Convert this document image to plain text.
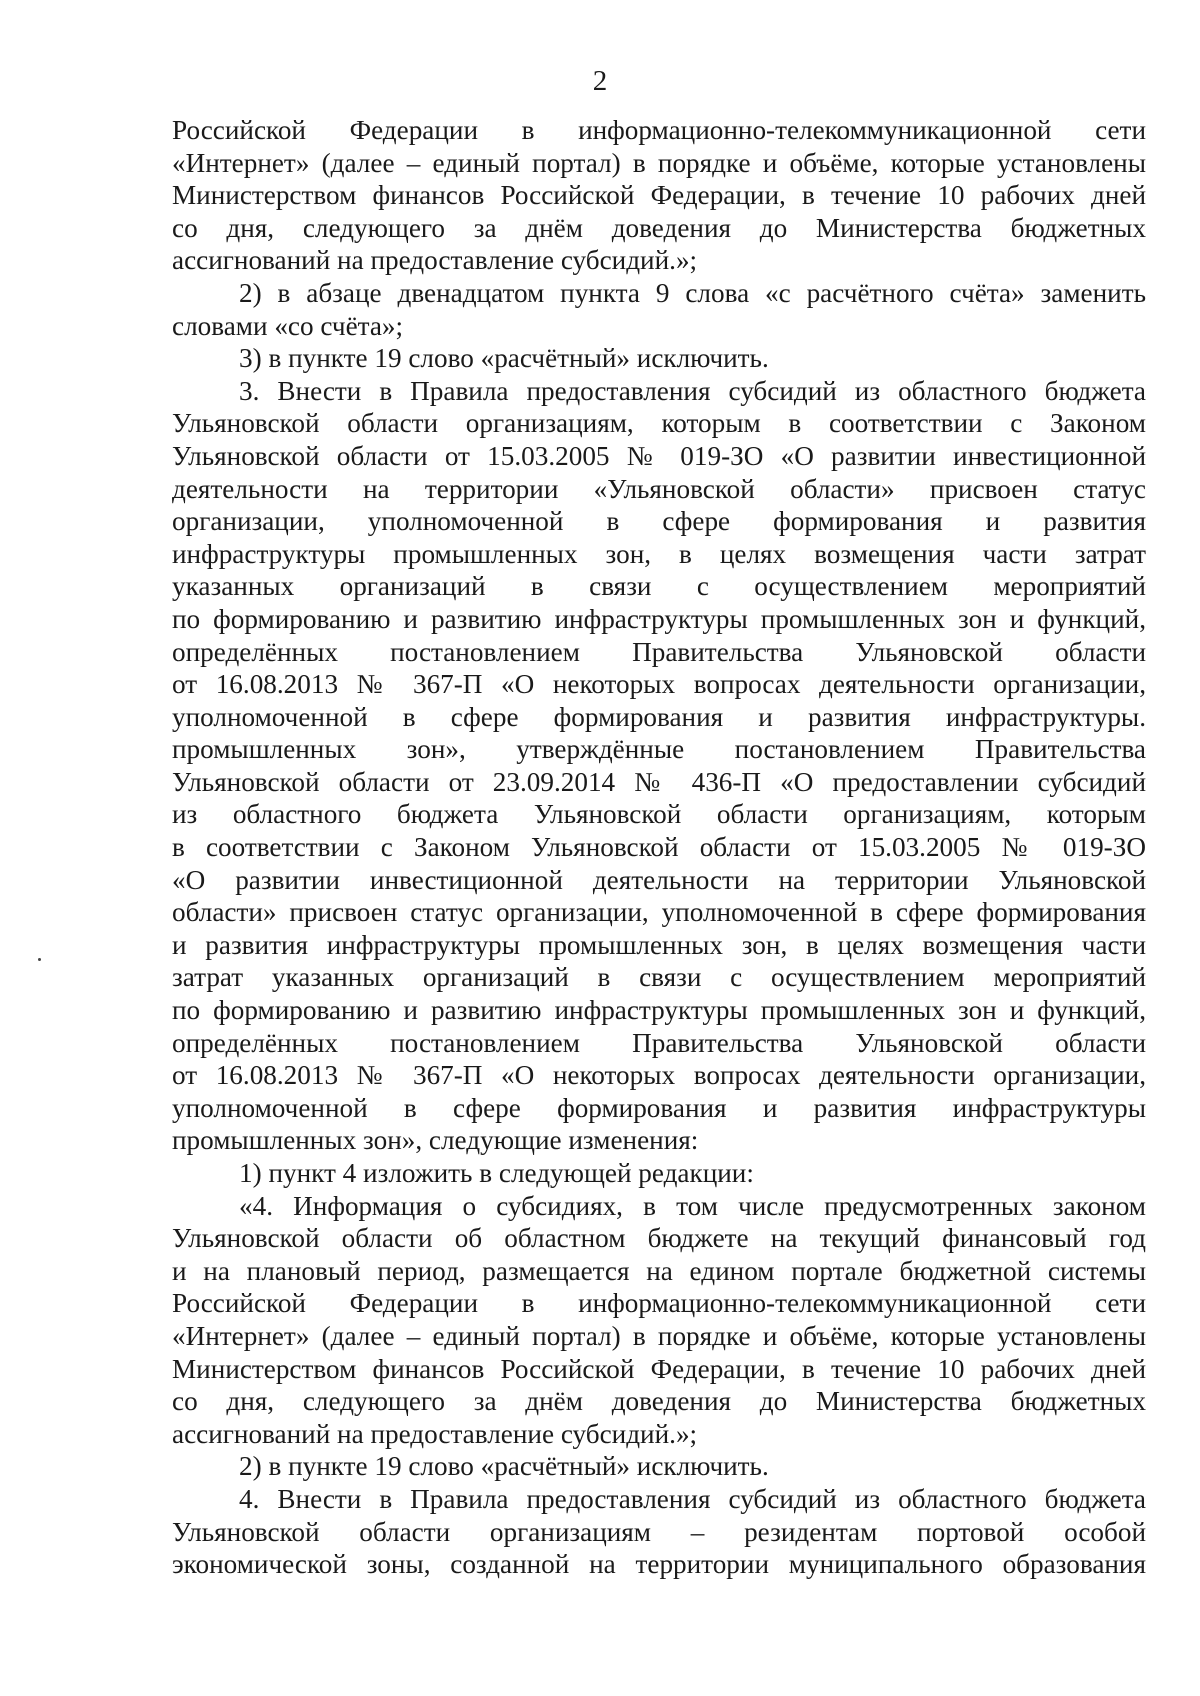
2
Российской Федерации в информационно-телекоммуникационной сети
«Интернет» (далее – единый портал) в порядке и объёме, которые установлены
Министерством финансов Российской Федерации, в течение 10 рабочих дней
со дня, следующего за днём доведения до Министерства бюджетных
ассигнований на предоставление субсидий.»;
2) в абзаце двенадцатом пункта 9 слова «с расчётного счёта» заменить
словами «со счёта»;
3) в пункте 19 слово «расчётный» исключить.
3. Внести в Правила предоставления субсидий из областного бюджета
Ульяновской области организациям, которым в соответствии с Законом
Ульяновской области от 15.03.2005 № 019-ЗО «О развитии инвестиционной
деятельности на территории «Ульяновской области» присвоен статус
организации, уполномоченной в сфере формирования и развития
инфраструктуры промышленных зон, в целях возмещения части затрат
указанных организаций в связи с осуществлением мероприятий
по формированию и развитию инфраструктуры промышленных зон и функций,
определённых постановлением Правительства Ульяновской области
от 16.08.2013 № 367-П «О некоторых вопросах деятельности организации,
уполномоченной в сфере формирования и развития инфраструктуры.
промышленных зон», утверждённые постановлением Правительства
Ульяновской области от 23.09.2014 № 436-П «О предоставлении субсидий
из областного бюджета Ульяновской области организациям, которым
в соответствии с Законом Ульяновской области от 15.03.2005 № 019-ЗО
«О развитии инвестиционной деятельности на территории Ульяновской
области» присвоен статус организации, уполномоченной в сфере формирования
и развития инфраструктуры промышленных зон, в целях возмещения части
затрат указанных организаций в связи с осуществлением мероприятий
по формированию и развитию инфраструктуры промышленных зон и функций,
определённых постановлением Правительства Ульяновской области
от 16.08.2013 № 367-П «О некоторых вопросах деятельности организации,
уполномоченной в сфере формирования и развития инфраструктуры
промышленных зон», следующие изменения:
1) пункт 4 изложить в следующей редакции:
«4. Информация о субсидиях, в том числе предусмотренных законом
Ульяновской области об областном бюджете на текущий финансовый год
и на плановый период, размещается на едином портале бюджетной системы
Российской Федерации в информационно-телекоммуникационной сети
«Интернет» (далее – единый портал) в порядке и объёме, которые установлены
Министерством финансов Российской Федерации, в течение 10 рабочих дней
со дня, следующего за днём доведения до Министерства бюджетных
ассигнований на предоставление субсидий.»;
2) в пункте 19 слово «расчётный» исключить.
4. Внести в Правила предоставления субсидий из областного бюджета
Ульяновской области организациям – резидентам портовой особой
экономической зоны, созданной на территории муниципального образования
